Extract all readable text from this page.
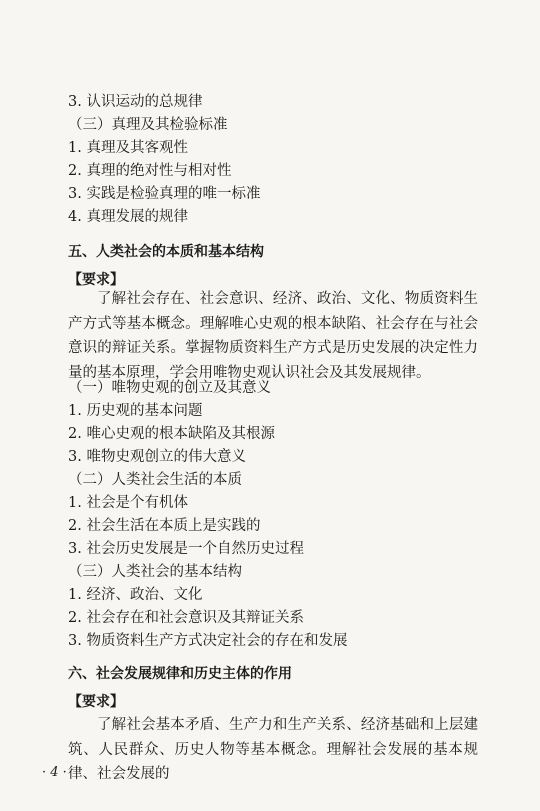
3. 认识运动的总规律
（三）真理及其检验标准
1. 真理及其客观性
2. 真理的绝对性与相对性
3. 实践是检验真理的唯一标准
4. 真理发展的规律
五、人类社会的本质和基本结构
【要求】
了解社会存在、社会意识、经济、政治、文化、物质资料生产方式等基本概念。理解唯心史观的根本缺陷、社会存在与社会意识的辩证关系。掌握物质资料生产方式是历史发展的决定性力量的基本原理，学会用唯物史观认识社会及其发展规律。
（一）唯物史观的创立及其意义
1. 历史观的基本问题
2. 唯心史观的根本缺陷及其根源
3. 唯物史观创立的伟大意义
（二）人类社会生活的本质
1. 社会是个有机体
2. 社会生活在本质上是实践的
3. 社会历史发展是一个自然历史过程
（三）人类社会的基本结构
1. 经济、政治、文化
2. 社会存在和社会意识及其辩证关系
3. 物质资料生产方式决定社会的存在和发展
六、社会发展规律和历史主体的作用
【要求】
了解社会基本矛盾、生产力和生产关系、经济基础和上层建筑、人民群众、历史人物等基本概念。理解社会发展的基本规律、社会发展的
· 4 ·
